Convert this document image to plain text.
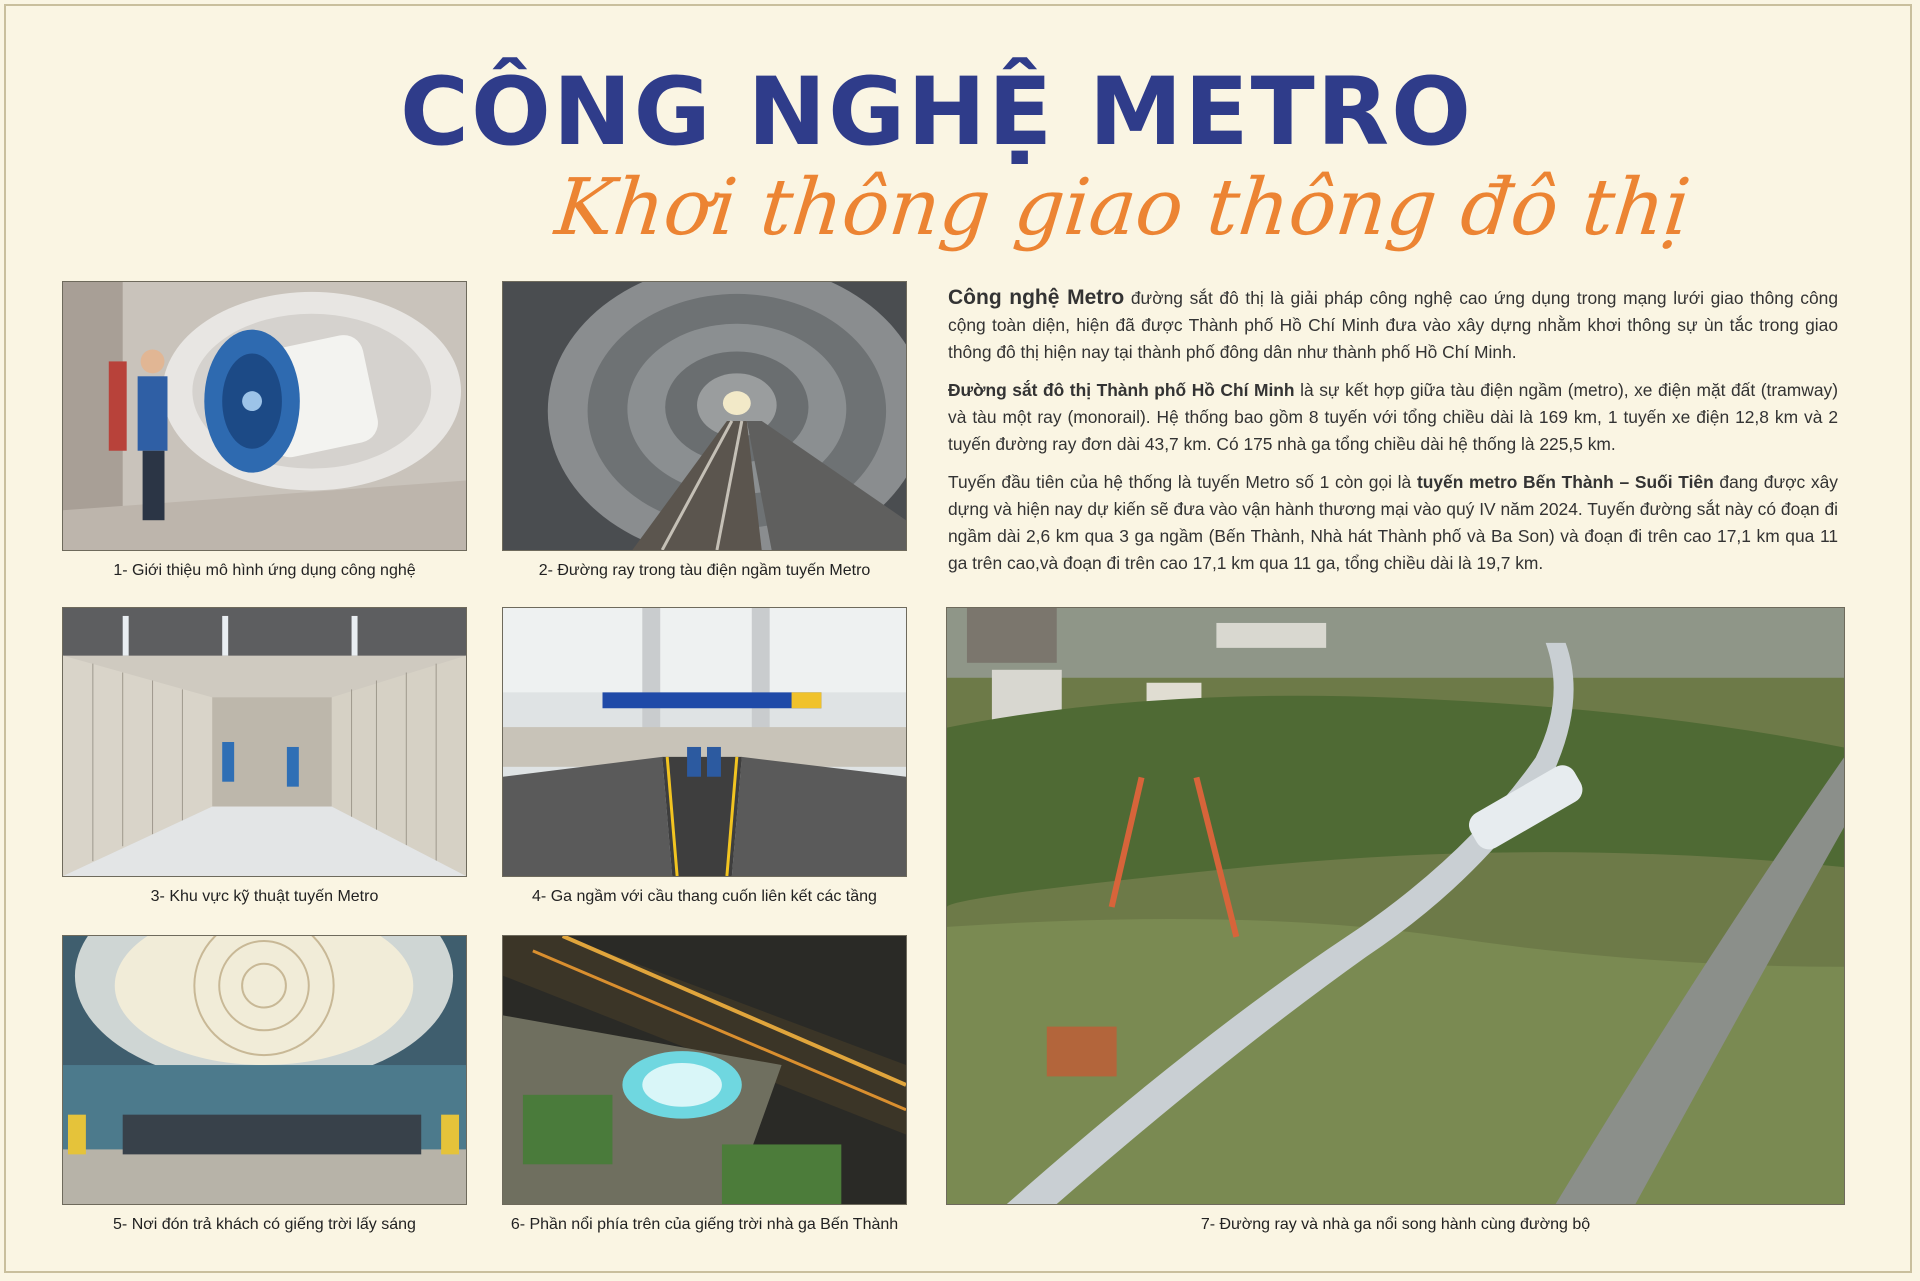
CÔNG NGHỆ METRO
Khơi thông giao thông đô thị
1- Giới thiệu mô hình ứng dụng công nghệ	2- Đường ray trong tàu điện ngầm tuyến Metro
3- Khu vực kỹ thuật tuyến Metro	4- Ga ngầm với cầu thang cuốn liên kết các tầng
5- Nơi đón trả khách có giếng trời lấy sáng	6- Phần nổi phía trên của giếng trời nhà ga Bến Thành

Công nghệ Metro đường sắt đô thị là giải pháp công nghệ cao ứng dụng trong mạng lưới giao thông công cộng toàn diện, hiện đã được Thành phố Hồ Chí Minh đưa vào xây dựng nhằm khơi thông sự ùn tắc trong giao thông đô thị hiện nay tại thành phố đông dân như thành phố Hồ Chí Minh.

Đường sắt đô thị Thành phố Hồ Chí Minh là sự kết hợp giữa tàu điện ngầm (metro), xe điện mặt đất (tramway) và tàu một ray (monorail). Hệ thống bao gồm 8 tuyến với tổng chiều dài là 169 km, 1 tuyến xe điện 12,8 km và 2 tuyến đường ray đơn dài 43,7 km. Có 175 nhà ga tổng chiều dài hệ thống là 225,5 km.

Tuyến đầu tiên của hệ thống là tuyến Metro số 1 còn gọi là tuyến metro Bến Thành – Suối Tiên đang được xây dựng và hiện nay dự kiến sẽ đưa vào vận hành thương mại vào quý IV năm 2024. Tuyến đường sắt này có đoạn đi ngầm dài 2,6 km qua 3 ga ngầm (Bến Thành, Nhà hát Thành phố và Ba Son) và đoạn đi trên cao 17,1 km qua 11 ga trên cao,và đoạn đi trên cao 17,1 km qua 11 ga, tổng chiều dài là 19,7 km.

7- Đường ray và nhà ga nổi song hành cùng đường bộ
